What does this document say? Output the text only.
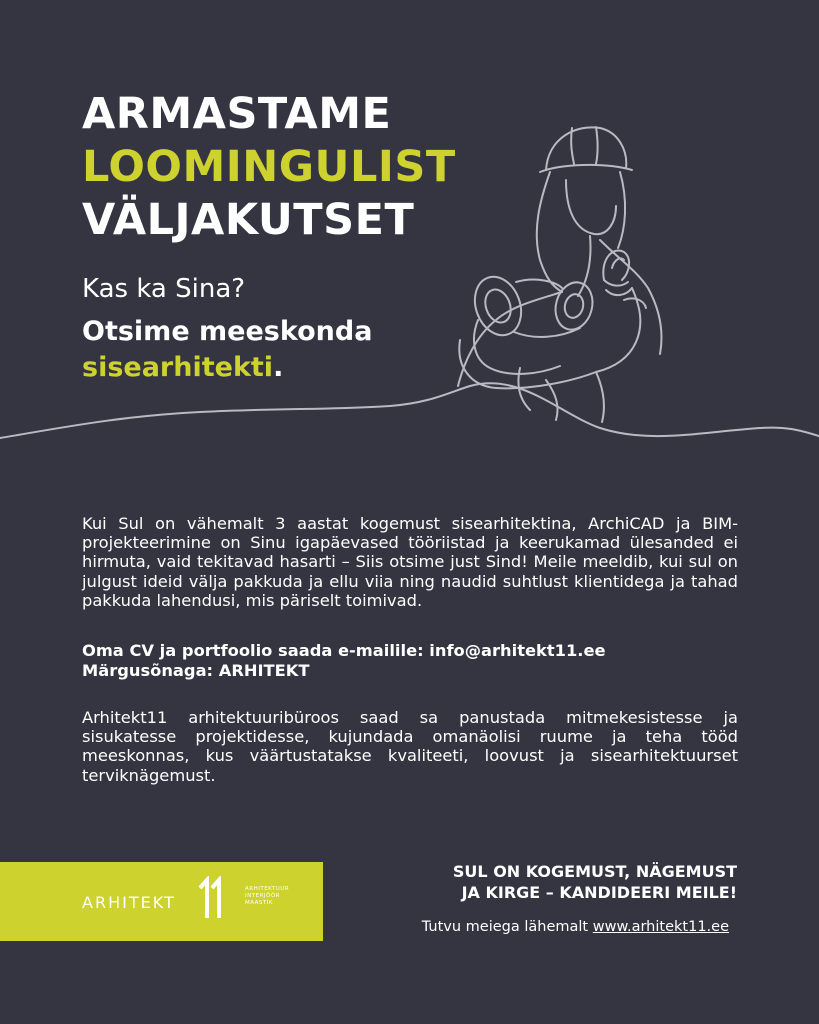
ARMASTAME
LOOMINGULIST
VÄLJAKUTSET
Kas ka Sina?
Otsime meeskonda
sisearhitekti.

Kui Sul on vähemalt 3 aastat kogemust sisearhitektina, ArchiCAD ja BIM-projekteerimine on Sinu igapäevased tööriistad ja keerukamad ülesanded ei hirmuta, vaid tekitavad hasarti – Siis otsime just Sind! Meile meeldib, kui sul on julgust ideid välja pakkuda ja ellu viia ning naudid suhtlust klientidega ja tahad pakkuda lahendusi, mis päriselt toimivad.

Oma CV ja portfoolio saada e-mailile: info@arhitekt11.ee
Märgusõnaga: ARHITEKT

Arhitekt11 arhitektuuribüroos saad sa panustada mitmekesistesse ja sisukatesse projektidesse, kujundada omanäolisi ruume ja teha tööd meeskonnas, kus väärtustatakse kvaliteeti, loovust ja sisearhitektuurset terviknägemust.

ARHITEKT
ARHITEKTUUR
INTERJÖÖR
MAASTIK
SUL ON KOGEMUST, NÄGEMUST
JA KIRGE – KANDIDEERI MEILE!
Tutvu meiega lähemalt www.arhitekt11.ee
